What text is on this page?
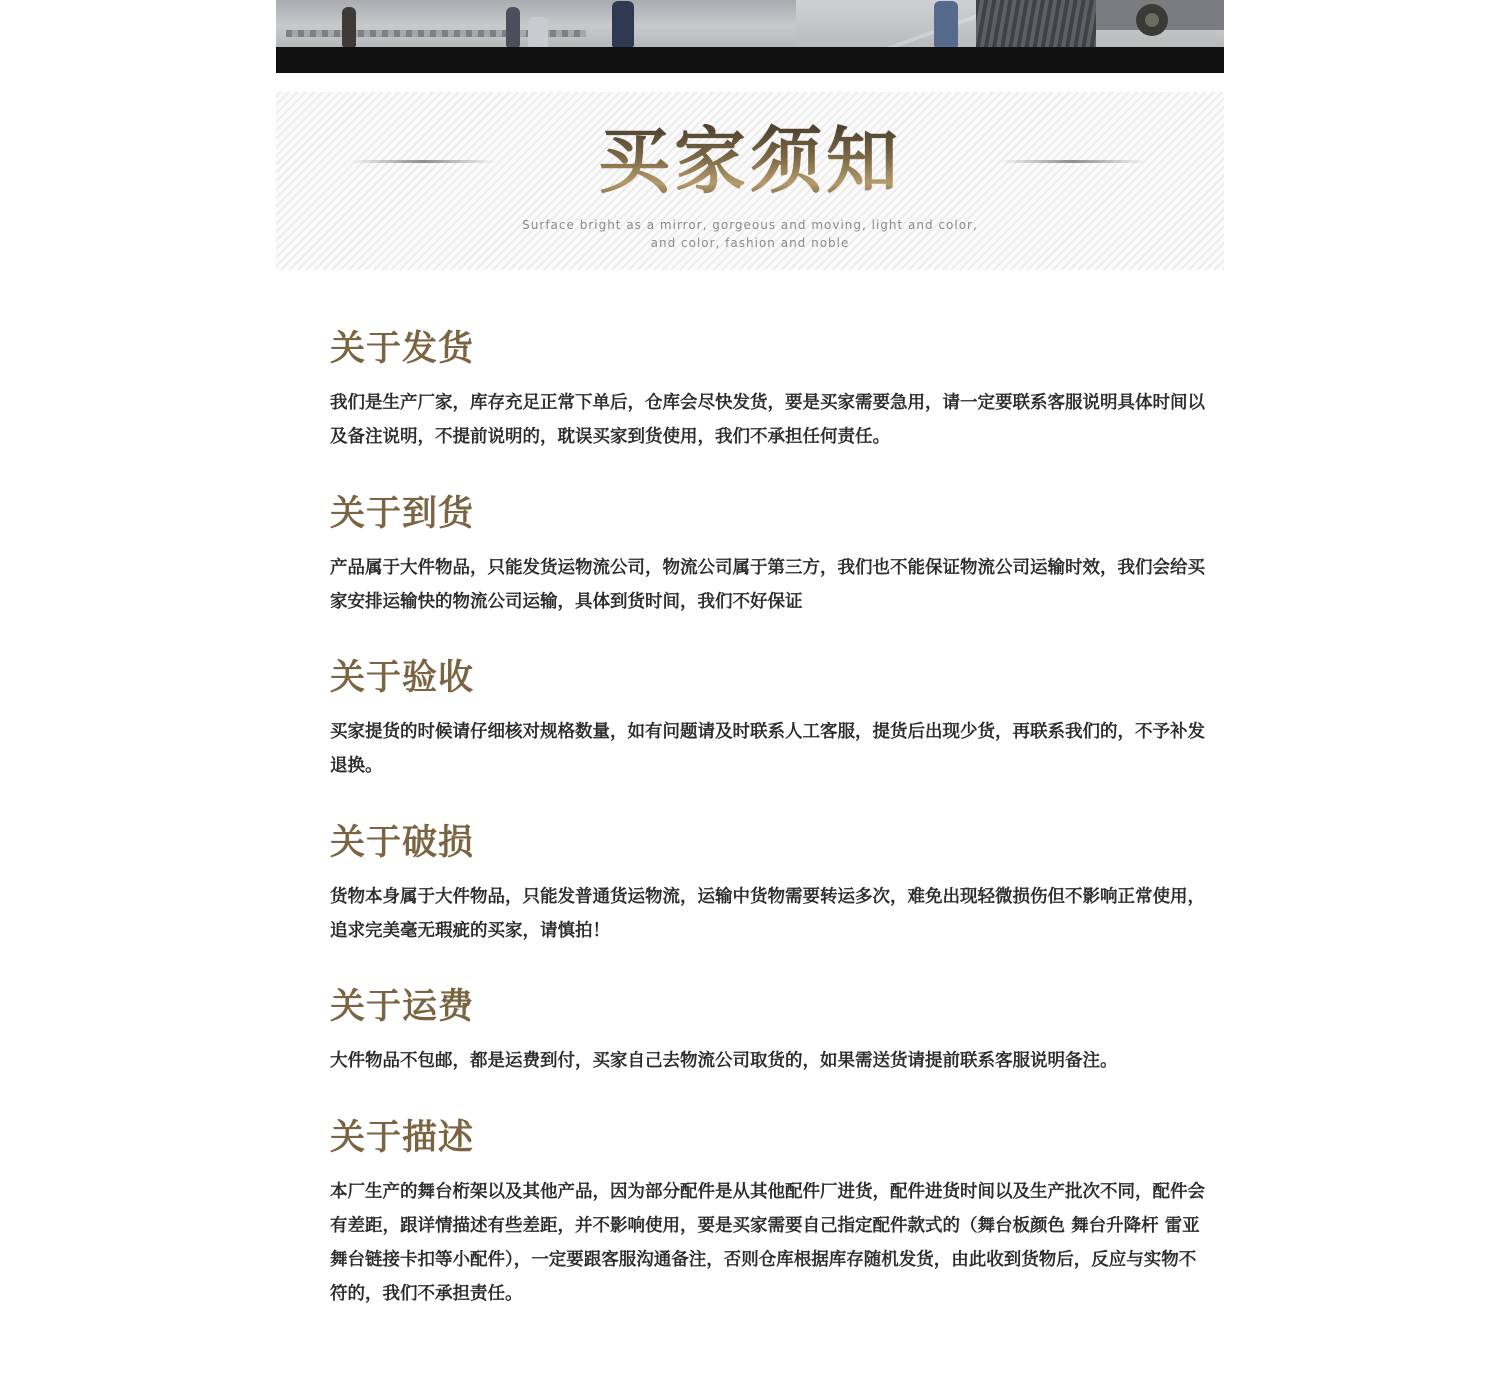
买家须知
Surface bright as a mirror, gorgeous and moving, light and color,
and color, fashion and noble
关于发货

我们是生产厂家，库存充足正常下单后，仓库会尽快发货，要是买家需要急用，请一定要联系客服说明具体时间以及备注说明，不提前说明的，耽误买家到货使用，我们不承担任何责任。

关于到货

产品属于大件物品，只能发货运物流公司，物流公司属于第三方，我们也不能保证物流公司运输时效，我们会给买家安排运输快的物流公司运输，具体到货时间，我们不好保证

关于验收

买家提货的时候请仔细核对规格数量，如有问题请及时联系人工客服，提货后出现少货，再联系我们的，不予补发退换。

关于破损

货物本身属于大件物品，只能发普通货运物流，运输中货物需要转运多次，难免出现轻微损伤但不影响正常使用，追求完美毫无瑕疵的买家，请慎拍！

关于运费

大件物品不包邮，都是运费到付，买家自己去物流公司取货的，如果需送货请提前联系客服说明备注。

关于描述

本厂生产的舞台桁架以及其他产品，因为部分配件是从其他配件厂进货，配件进货时间以及生产批次不同，配件会有差距，跟详情描述有些差距，并不影响使用，要是买家需要自己指定配件款式的（舞台板颜色 舞台升降杆 雷亚舞台链接卡扣等小配件），一定要跟客服沟通备注，否则仓库根据库存随机发货，由此收到货物后，反应与实物不符的，我们不承担责任。
